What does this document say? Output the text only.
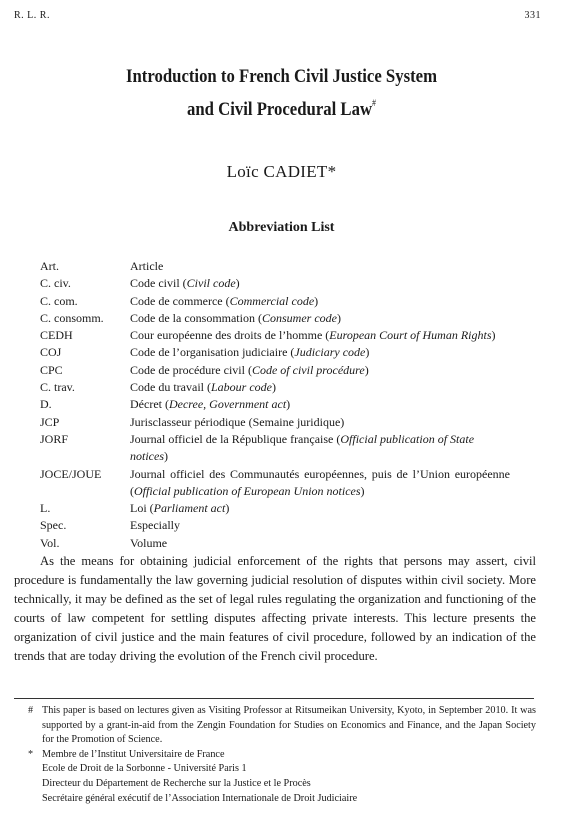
R. L. R.	331
Introduction to French Civil Justice System
and Civil Procedural Law#
Loïc CADIET*
Abbreviation List
Art.	Article
C. civ.	Code civil (Civil code)
C. com.	Code de commerce (Commercial code)
C. consomm.	Code de la consommation (Consumer code)
CEDH	Cour européenne des droits de l’homme (European Court of Human Rights)
COJ	Code de l’organisation judiciaire (Judiciary code)
CPC	Code de procédure civil (Code of civil procédure)
C. trav.	Code du travail (Labour code)
D.	Décret (Decree, Government act)
JCP	Jurisclasseur périodique (Semaine juridique)
JORF	Journal officiel de la République française (Official publication of State notices)
JOCE/JOUE	Journal officiel des Communautés européennes, puis de l’Union européenne (Official publication of European Union notices)
L.	Loi (Parliament act)
Spec.	Especially
Vol.	Volume
As the means for obtaining judicial enforcement of the rights that persons may assert, civil procedure is fundamentally the law governing judicial resolution of disputes within civil society. More technically, it may be defined as the set of legal rules regulating the organization and functioning of the courts of law competent for settling disputes affecting private interests. This lecture presents the organization of civil justice and the main features of civil procedure, followed by an indication of the trends that are today driving the evolution of the French civil procedure.
# This paper is based on lectures given as Visiting Professor at Ritsumeikan University, Kyoto, in September 2010. It was supported by a grant-in-aid from the Zengin Foundation for Studies on Economics and Finance, and the Japan Society for the Promotion of Science.
* Membre de l’Institut Universitaire de France
Ecole de Droit de la Sorbonne - Université Paris 1
Directeur du Département de Recherche sur la Justice et le Procès
Secrétaire général exécutif de l’Association Internationale de Droit Judiciaire
